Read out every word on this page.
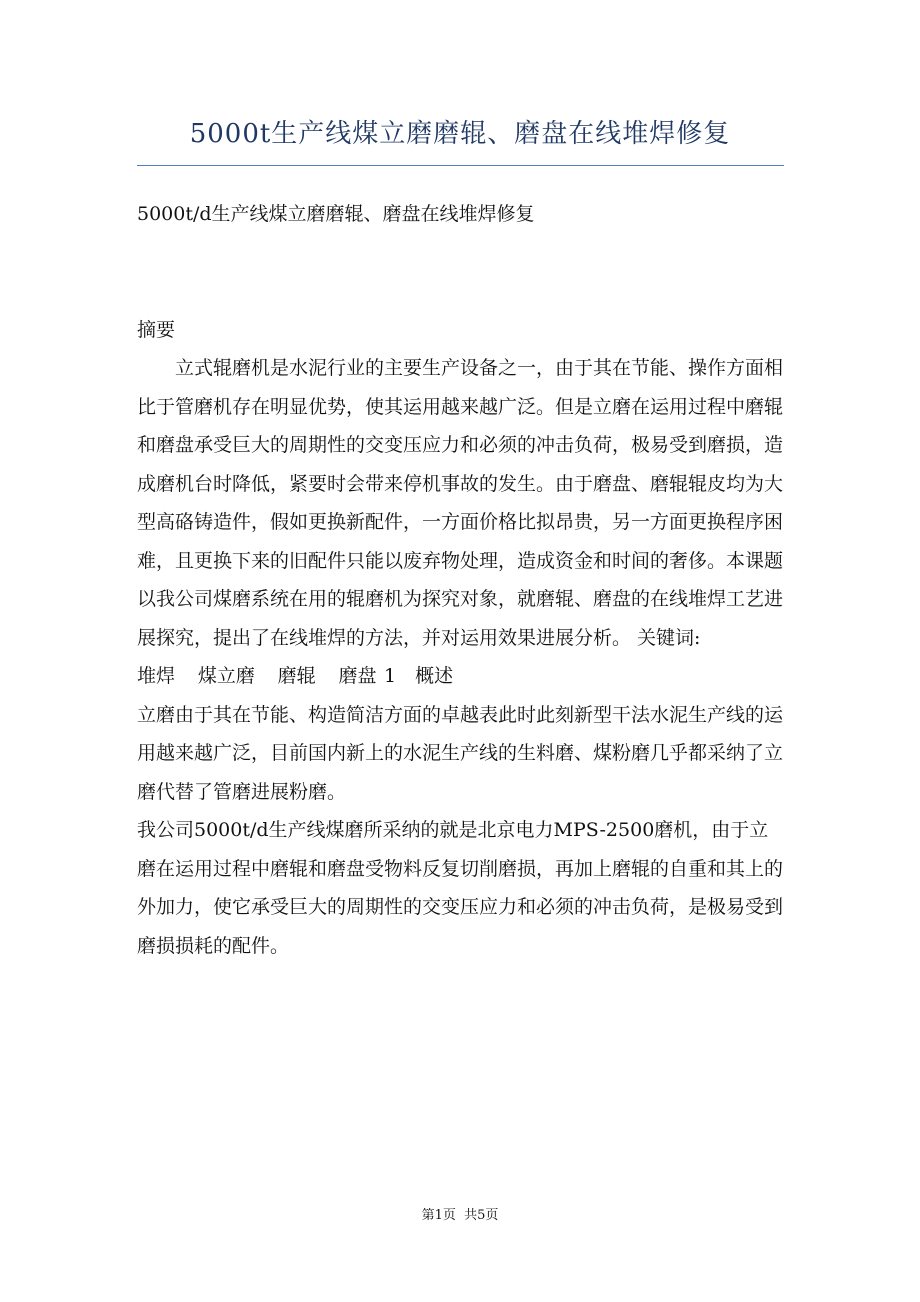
5000t生产线煤立磨磨辊、磨盘在线堆焊修复

5000t/d生产线煤立磨磨辊、磨盘在线堆焊修复

摘要

立式辊磨机是水泥行业的主要生产设备之一，由于其在节能、操作方面相比于管磨机存在明显优势，使其运用越来越广泛。但是立磨在运用过程中磨辊和磨盘承受巨大的周期性的交变压应力和必须的冲击负荷，极易受到磨损，造成磨机台时降低，紧要时会带来停机事故的发生。由于磨盘、磨辊辊皮均为大型高硌铸造件，假如更换新配件，一方面价格比拟昂贵，另一方面更换程序困难，且更换下来的旧配件只能以废弃物处理，造成资金和时间的奢侈。本课题以我公司煤磨系统在用的辊磨机为探究对象，就磨辊、磨盘的在线堆焊工艺进展探究，提出了在线堆焊的方法，并对运用效果进展分析。 关键词:

堆焊 煤立磨 磨辊 磨盘 1　概述

立磨由于其在节能、构造简洁方面的卓越表此时此刻新型干法水泥生产线的运用越来越广泛，目前国内新上的水泥生产线的生料磨、煤粉磨几乎都采纳了立磨代替了管磨进展粉磨。

我公司5000t/d生产线煤磨所采纳的就是北京电力MPS-2500磨机，由于立磨在运用过程中磨辊和磨盘受物料反复切削磨损，再加上磨辊的自重和其上的外加力，使它承受巨大的周期性的交变压应力和必须的冲击负荷，是极易受到磨损损耗的配件。

第1页 共5页
